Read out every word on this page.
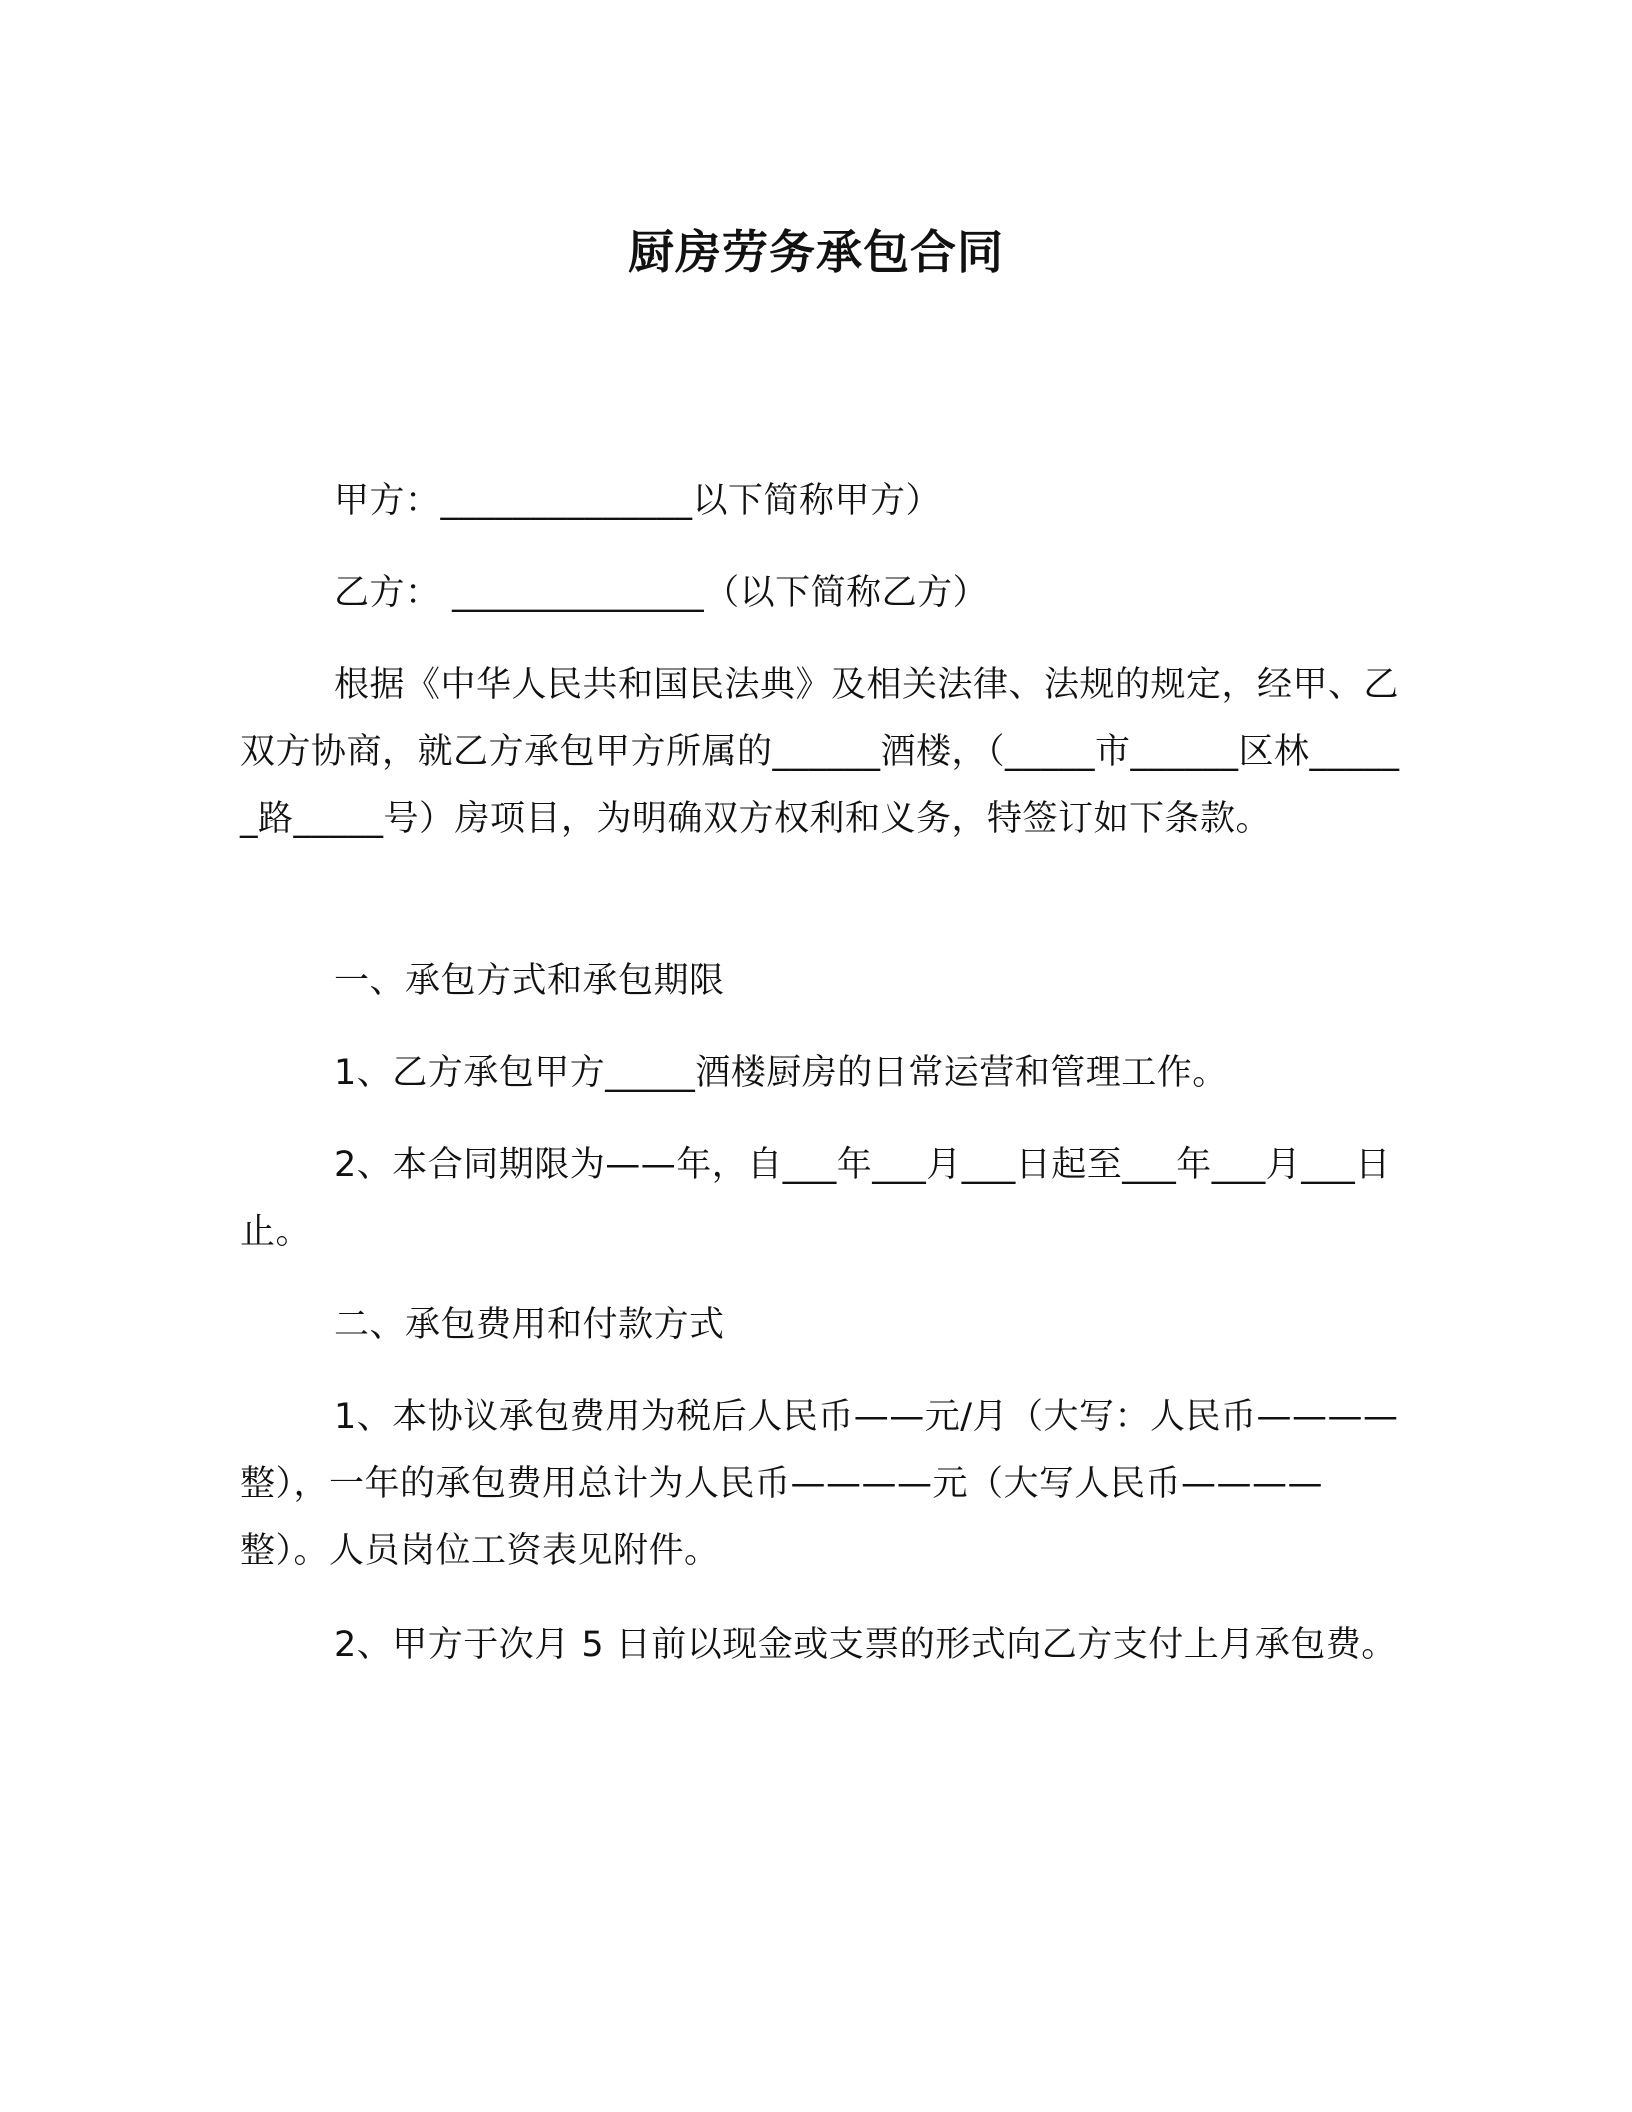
厨房劳务承包合同

甲方：______________以下简称甲方）

乙方： ______________（以下简称乙方）

根据《中华人民共和国民法典》及相关法律、法规的规定，经甲、乙双方协商，就乙方承包甲方所属的______酒楼，（_____市______区林______路_____号）房项目，为明确双方权利和义务，特签订如下条款。

一、承包方式和承包期限

1、乙方承包甲方_____酒楼厨房的日常运营和管理工作。

2、本合同期限为——年，自___年___月___日起至___年___月___日止。

二、承包费用和付款方式

1、本协议承包费用为税后人民币——元/月（大写：人民币————整），一年的承包费用总计为人民币————元（大写人民币————整）。人员岗位工资表见附件。

2、甲方于次月 5 日前以现金或支票的形式向乙方支付上月承包费。
